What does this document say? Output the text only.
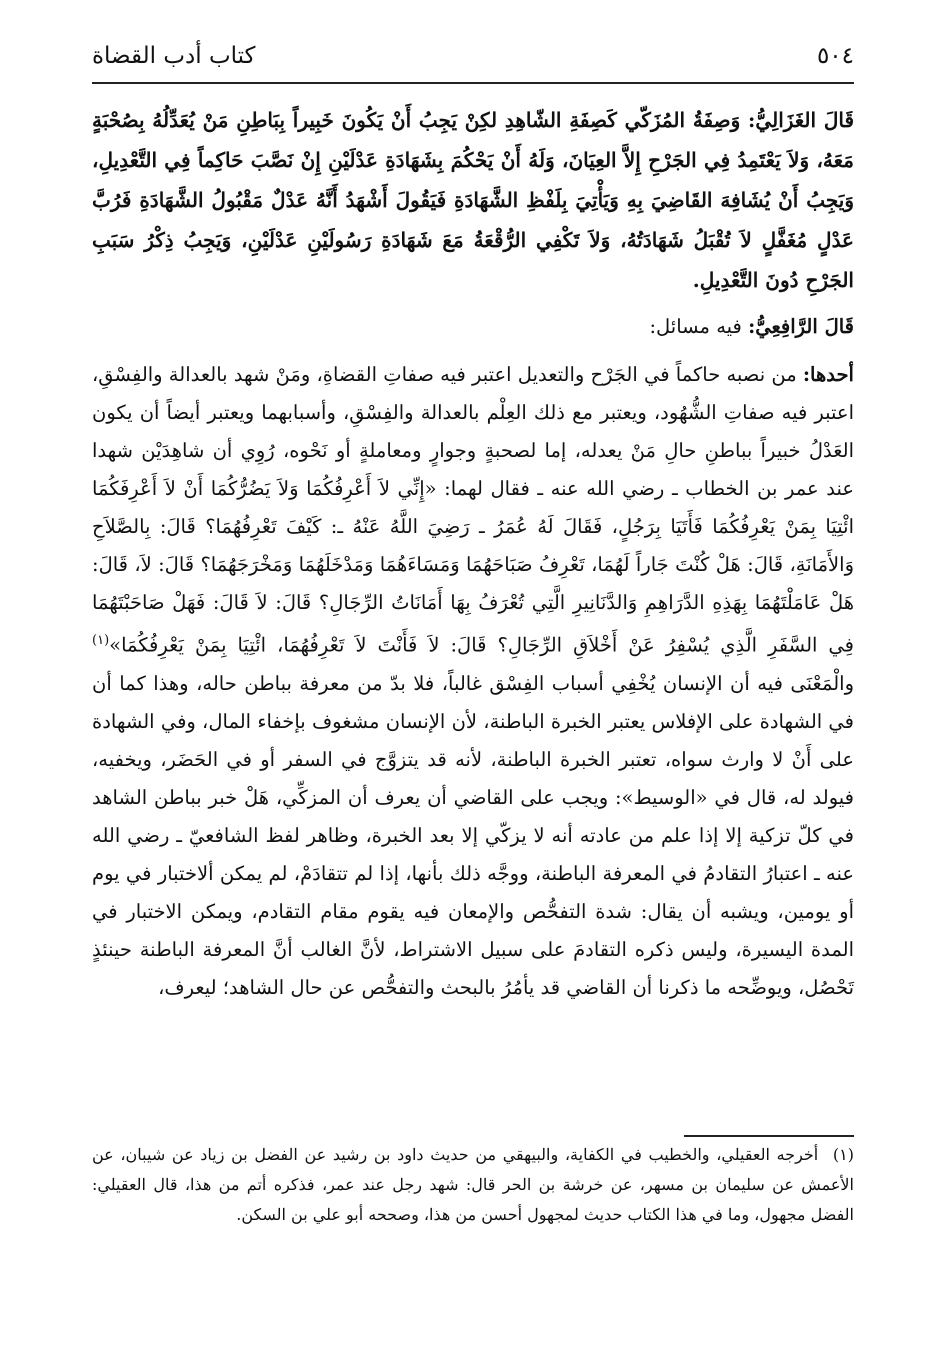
٥٠٤
كتاب أدب القضاة

قَالَ الغَزَالِيُّ: وَصِفَةُ المُزَكّي كَصِفَةِ الشّاهِدِ لكِنْ يَجِبُ أَنْ يَكُونَ خَبِيراً بِبَاطِنِ مَنْ يُعَدِّلُهُ بِصُحْبَةٍ مَعَهُ، وَلاَ يَعْتَمِدُ فِي الجَرْحِ إِلاَّ العِيَانَ، وَلَهُ أَنْ يَحْكُمَ بِشَهَادَةِ عَدْلَيْنِ إِنْ نَصَّبَ حَاكِماً فِي التَّعْدِيلِ، وَيَجِبُ أَنْ يُشَافِهَ القَاضِيَ بِهِ وَيَأْتِيَ بِلَفْظِ الشَّهَادَةِ فَيَقُولَ أَشْهَدُ أَنَّهُ عَدْلٌ مَقْبُولُ الشَّهَادَةِ فَرُبَّ عَدْلٍ مُغَفَّلٍ لاَ تُقْبَلُ شَهَادَتُهُ، وَلاَ تَكْفِي الرُّقْعَةُ مَعَ شَهَادَةِ رَسُولَيْنِ عَدْلَيْنِ، وَيَجِبُ ذِكْرُ سَبَبِ الجَرْحِ دُونَ التَّعْدِيلِ.

قَالَ الرَّافِعِيُّ: فيه مسائل:

أحدها: من نصبه حاكماً في الجَرْح والتعديل اعتبر فيه صفاتِ القضاةِ، ومَنْ شهد بالعدالة والفِسْقِ، اعتبر فيه صفاتِ الشُّهُود، ويعتبر مع ذلك العِلْم بالعدالة والفِسْقِ، وأسبابهما ويعتبر أيضاً أن يكون العَدْلُ خبيراً بباطنِ حالِ مَنْ يعدله، إما لصحبةٍ وجوارٍ ومعاملةٍ أو نَحْوه، رُوِي أن شاهِدَيْن شهدا عند عمر بن الخطاب ـ رضي الله عنه ـ فقال لهما: «إِنِّي لاَ أَعْرِفُكُمَا وَلاَ يَضُرُّكُمَا أَنْ لاَ أَعْرِفَكُمَا ائْتِيَا بِمَنْ يَعْرِفُكُمَا فَأَتَيَا بِرَجُلٍ، فَقَالَ لَهُ عُمَرُ ـ رَضِيَ اللَّهُ عَنْهُ ـ: كَيْفَ تَعْرِفُهُمَا؟ قَالَ: بِالصَّلاَحِ وَالأَمَانَةِ، قَالَ: هَلْ كُنْتَ جَاراً لَهُمَا، تَعْرِفُ صَبَاحَهُمَا وَمَسَاءَهُمَا وَمَدْخَلَهُمَا وَمَخْرَجَهُمَا؟ قَالَ: لاَ، قَالَ: هَلْ عَامَلْتَهُمَا بِهَذِهِ الدَّرَاهِمِ وَالدَّنَانِيرِ الَّتِي تُعْرَفُ بِهَا أَمَانَاتُ الرِّجَالِ؟ قَالَ: لاَ قَالَ: فَهَلْ صَاحَبْتَهُمَا فِي السَّفَرِ الَّذِي يُسْفِرُ عَنْ أَخْلاَقِ الرِّجَالِ؟ قَالَ: لاَ فَأَنْتَ لاَ تَعْرِفُهُمَا، ائْتِيَا بِمَنْ يَعْرِفُكُمَا»$^{(١)}$ والْمَعْنَى فيه أن الإنسان يُخْفِي أسباب الفِسْق غالباً، فلا بدّ من معرفة بباطن حاله، وهذا كما أن في الشهادة على الإفلاس يعتبر الخبرة الباطنة، لأن الإنسان مشغوف بإخفاء المال، وفي الشهادة على أَنْ لا وارث سواه، تعتبر الخبرة الباطنة، لأنه قد يتزوَّج في السفر أو في الحَضَر، ويخفيه، فيولد له، قال في «الوسيط»: ويجب على القاضي أن يعرف أن المزكِّي، هَلْ خبر بباطن الشاهد في كلّ تزكية إلا إذا علم من عادته أنه لا يزكّي إلا بعد الخبرة، وظاهر لفظ الشافعيّ ـ رضي الله عنه ـ اعتبارُ التقادمُ في المعرفة الباطنة، ووجَّه ذلك بأنها، إذا لم تتقادَمْ، لم يمكن ألاختبار في يوم أو يومين، ويشبه أن يقال: شدة التفحُّص والإمعان فيه يقوم مقام التقادم، ويمكن الاختبار في المدة اليسيرة، وليس ذكره التقادمَ على سبيل الاشتراط، لأنَّ الغالب أنَّ المعرفة الباطنة حينئذٍ تَحْصُل، ويوضِّحه ما ذكرنا أن القاضي قد يأمُرُ بالبحث والتفحُّص عن حال الشاهد؛ ليعرف،

(١) أخرجه العقيلي، والخطيب في الكفاية، والبيهقي من حديث داود بن رشيد عن الفضل بن زياد عن شيبان، عن الأعمش عن سليمان بن مسهر، عن خرشة بن الحر قال: شهد رجل عند عمر، فذكره أتم من هذا، قال العقيلي: الفضل مجهول، وما في هذا الكتاب حديث لمجهول أحسن من هذا، وصححه أبو علي بن السكن.
